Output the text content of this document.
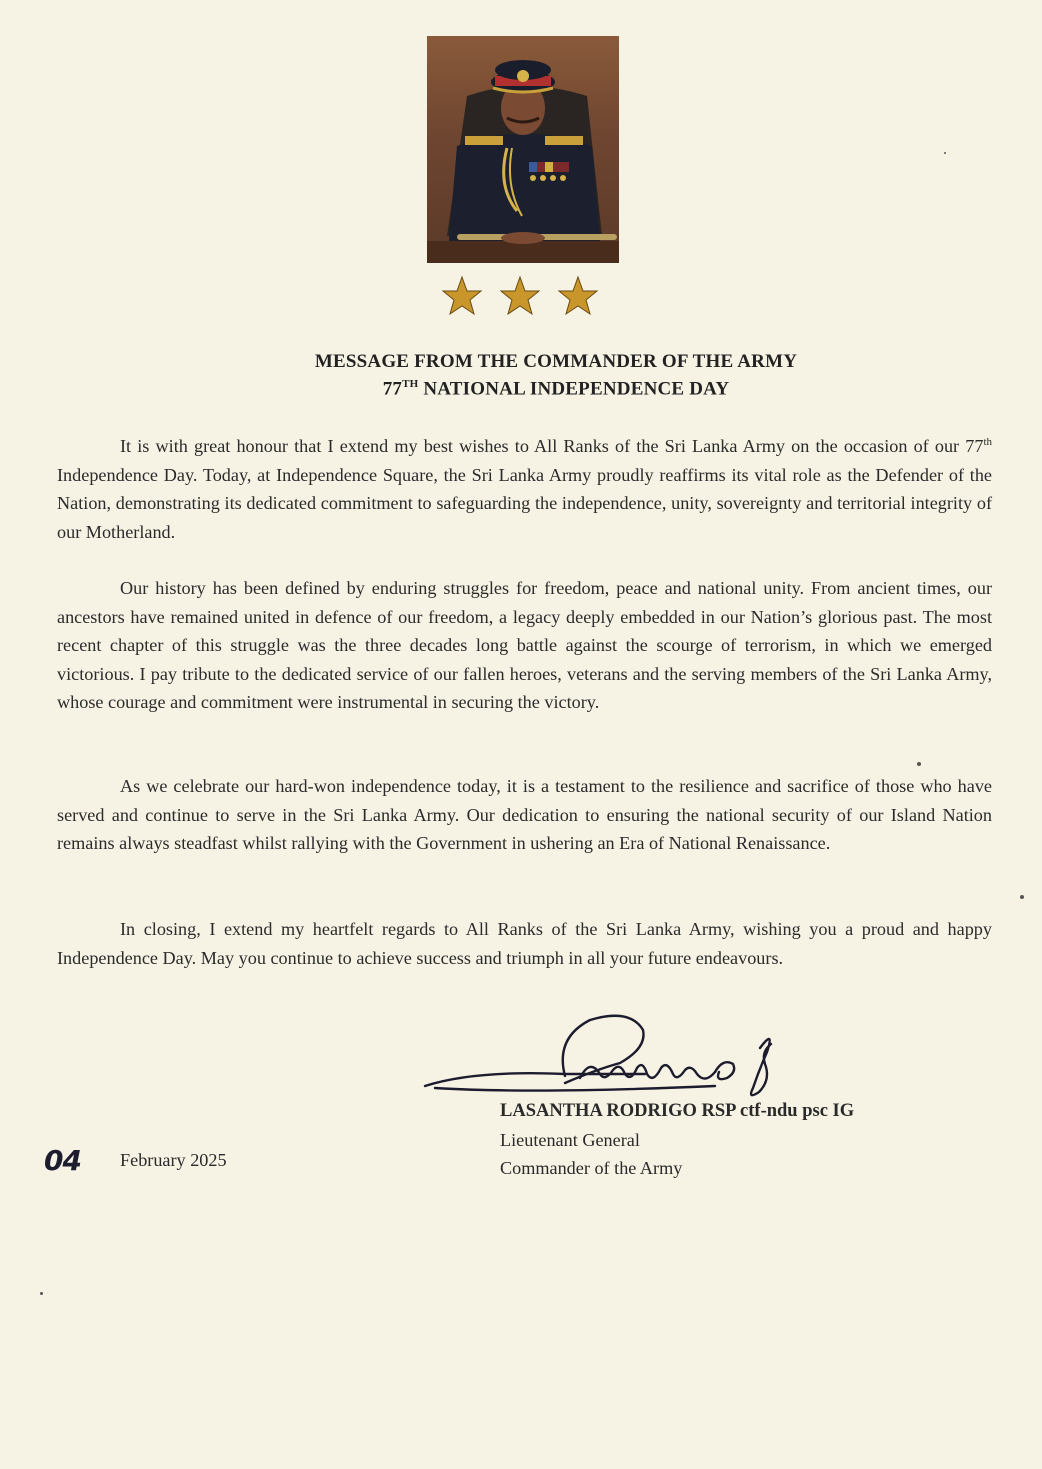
MESSAGE FROM THE COMMANDER OF THE ARMY
77TH NATIONAL INDEPENDENCE DAY
It is with great honour that I extend my best wishes to All Ranks of the Sri Lanka Army on the occasion of our 77th Independence Day. Today, at Independence Square, the Sri Lanka Army proudly reaffirms its vital role as the Defender of the Nation, demonstrating its dedicated commitment to safeguarding the independence, unity, sovereignty and territorial integrity of our Motherland.
Our history has been defined by enduring struggles for freedom, peace and national unity. From ancient times, our ancestors have remained united in defence of our freedom, a legacy deeply embedded in our Nation’s glorious past. The most recent chapter of this struggle was the three decades long battle against the scourge of terrorism, in which we emerged victorious. I pay tribute to the dedicated service of our fallen heroes, veterans and the serving members of the Sri Lanka Army, whose courage and commitment were instrumental in securing the victory.
As we celebrate our hard-won independence today, it is a testament to the resilience and sacrifice of those who have served and continue to serve in the Sri Lanka Army. Our dedication to ensuring the national security of our Island Nation remains always steadfast whilst rallying with the Government in ushering an Era of National Renaissance.
In closing, I extend my heartfelt regards to All Ranks of the Sri Lanka Army, wishing you a proud and happy Independence Day. May you continue to achieve success and triumph in all your future endeavours.
LASANTHA RODRIGO RSP ctf-ndu psc IG
Lieutenant General
Commander of the Army
04 February 2025
